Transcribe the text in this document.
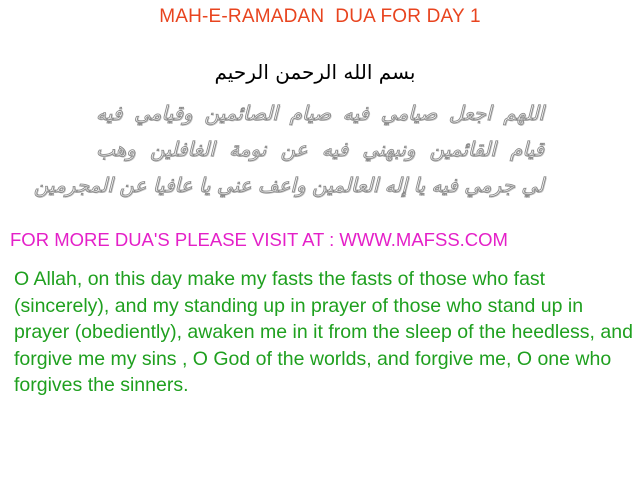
MAH-E-RAMADAN  DUA FOR DAY 1
بسم الله الرحمن الرحيم
اللهم اجعل صيامي فيه صيام الصائمين وقيامي فيه
قيام القائمين ونبهني فيه عن نومة الغافلين وهب
لي جرمي فيه يا إله العالمين واعف عني يا عافيا عن المجرمين
FOR MORE DUA'S PLEASE VISIT AT : WWW.MAFSS.COM

O Allah, on this day make my fasts the fasts of those who fast (sincerely), and my standing up in prayer of those who stand up in prayer (obediently), awaken me in it from the sleep of the heedless, and forgive me my sins , O God of the worlds, and forgive me, O one who forgives the sinners.
